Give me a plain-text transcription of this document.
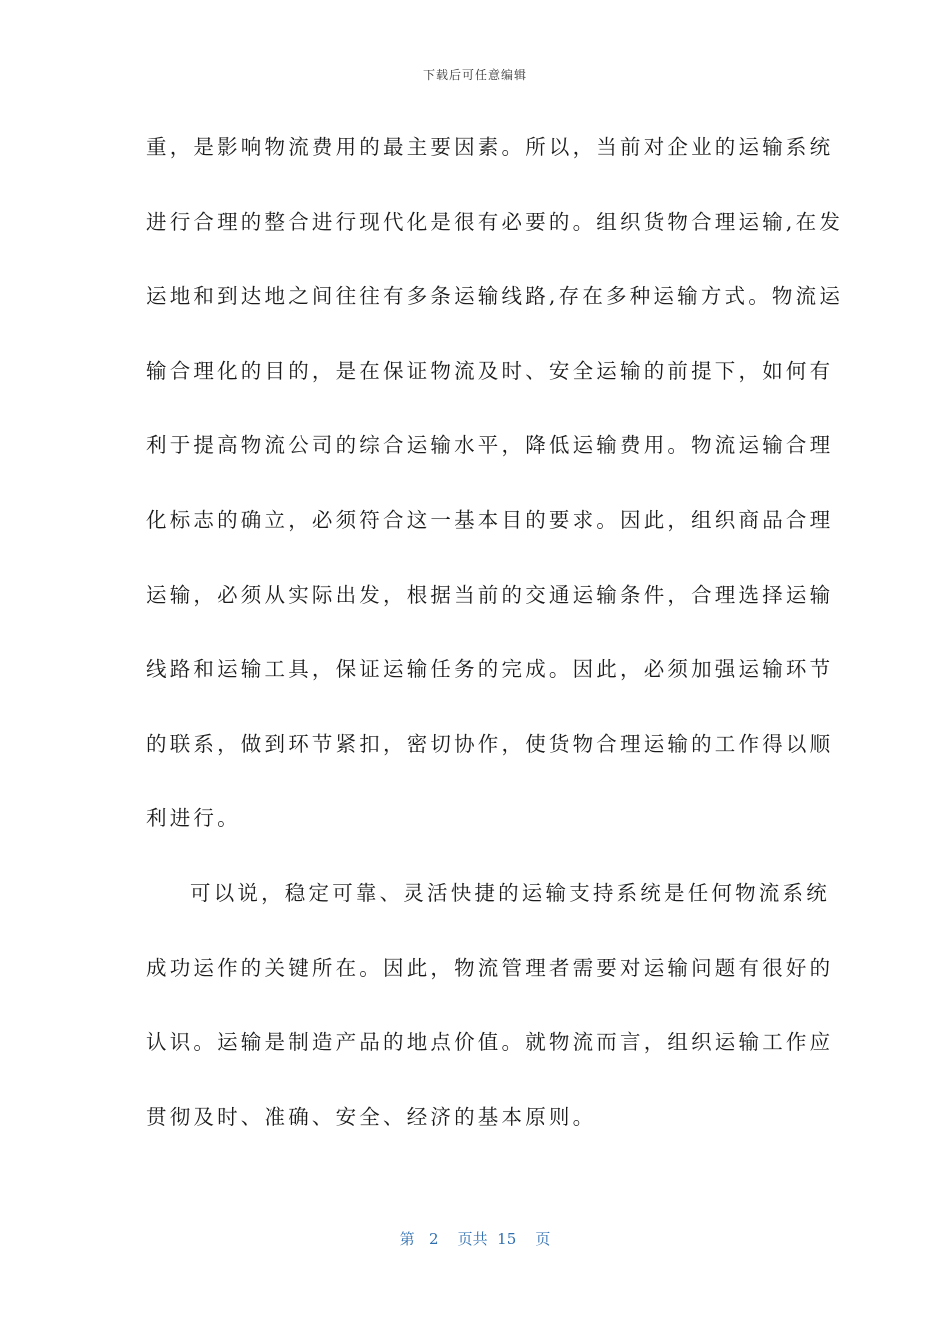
下载后可任意编辑
重，是影响物流费用的最主要因素。所以，当前对企业的运输系统
进行合理的整合进行现代化是很有必要的。组织货物合理运输,在发
运地和到达地之间往往有多条运输线路,存在多种运输方式。物流运
输合理化的目的，是在保证物流及时、安全运输的前提下，如何有
利于提高物流公司的综合运输水平，降低运输费用。物流运输合理
化标志的确立，必须符合这一基本目的要求。因此，组织商品合理
运输，必须从实际出发，根据当前的交通运输条件，合理选择运输
线路和运输工具，保证运输任务的完成。因此，必须加强运输环节
的联系，做到环节紧扣，密切协作，使货物合理运输的工作得以顺
利进行。
可以说，稳定可靠、灵活快捷的运输支持系统是任何物流系统
成功运作的关键所在。因此，物流管理者需要对运输问题有很好的
认识。运输是制造产品的地点价值。就物流而言，组织运输工作应
贯彻及时、准确、安全、经济的基本原则。
第 2 页共 15 页
